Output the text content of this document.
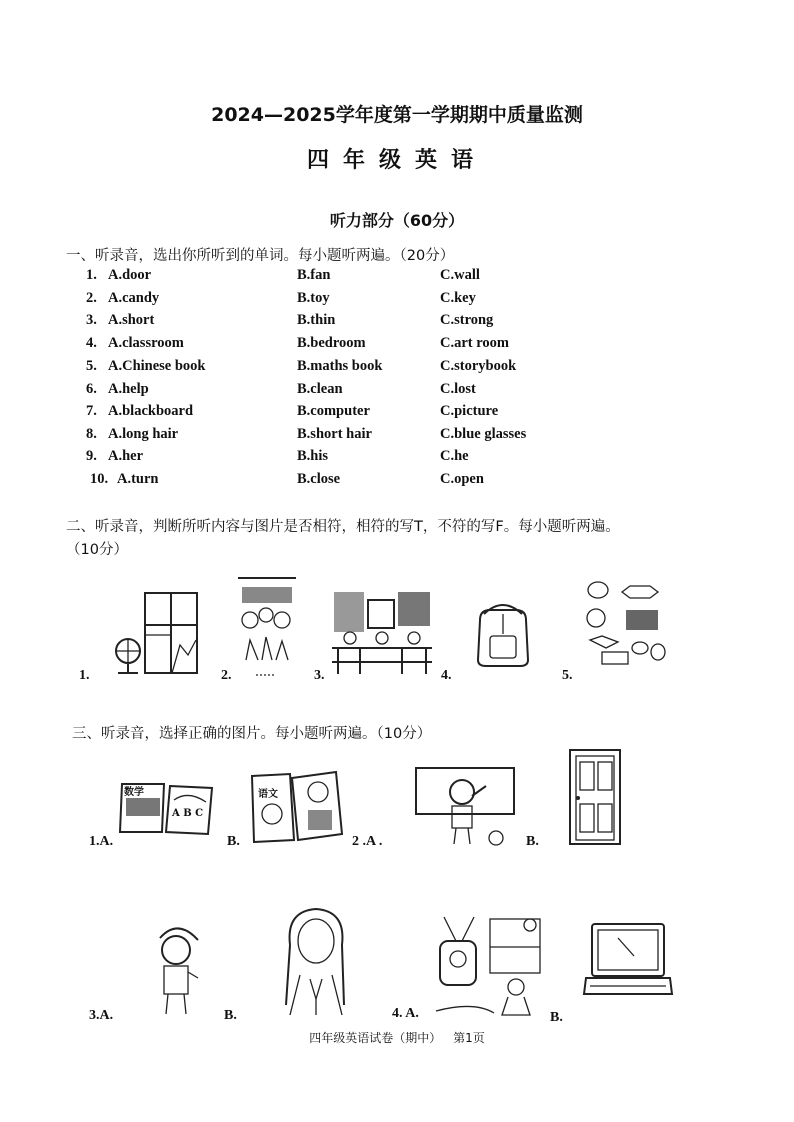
2024—2025学年度第一学期期中质量监测
四年级英语
听力部分（60分）
一、听录音，选出你所听到的单词。每小题听两遍。（20分）
1. A.door	B.fan	C.wall
2. A.candy	B.toy	C.key
3. A.short	B.thin	C.strong
4. A.classroom	B.bedroom	C.art room
5. A.Chinese book	B.maths book	C.storybook
6. A.help	B.clean	C.lost
7. A.blackboard	B.computer	C.picture
8. A.long hair	B.short hair	C.blue glasses
9. A.her	B.his	C.he
10. A.turn	B.close	C.open
二、听录音，判断所听内容与图片是否相符，相符的写T，不符的写F。每小题听两遍。
（10分）
1.	2.	3.	4.	5.
三、听录音，选择正确的图片。每小题听两遍。（10分）
数学
A B C
语文
1.A.	B.	2 .A .	B.
3.A.	B.	4. A.	B.
四年级英语试卷（期中） 第1页
